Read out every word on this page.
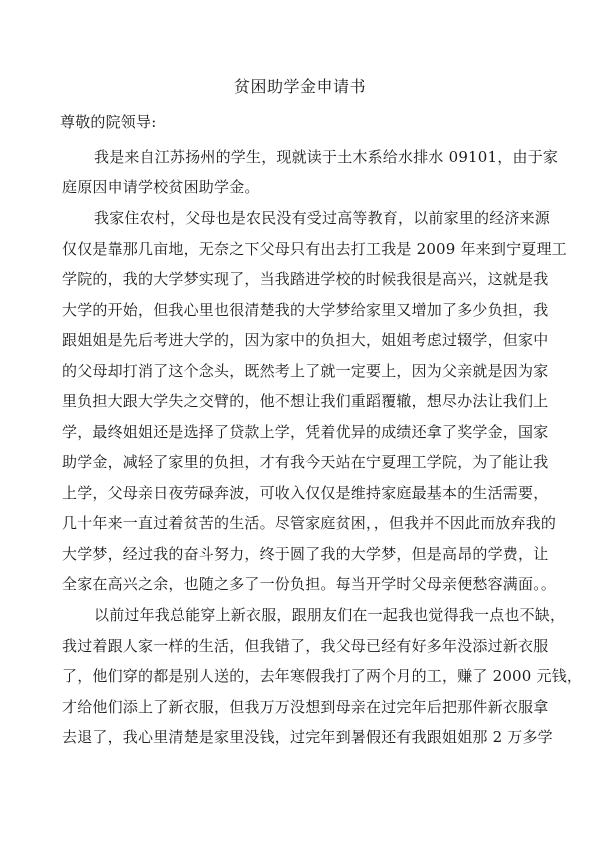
贫困助学金申请书
尊敬的院领导:
我是来自江苏扬州的学生，现就读于土木系给水排水 09101，由于家
庭原因申请学校贫困助学金。
我家住农村，父母也是农民没有受过高等教育，以前家里的经济来源
仅仅是靠那几亩地，无奈之下父母只有出去打工我是 2009 年来到宁夏理工
学院的，我的大学梦实现了，当我踏进学校的时候我很是高兴，这就是我
大学的开始，但我心里也很清楚我的大学梦给家里又增加了多少负担，我
跟姐姐是先后考进大学的，因为家中的负担大，姐姐考虑过辍学，但家中
的父母却打消了这个念头，既然考上了就一定要上，因为父亲就是因为家
里负担大跟大学失之交臂的，他不想让我们重蹈覆辙，想尽办法让我们上
学，最终姐姐还是选择了贷款上学，凭着优异的成绩还拿了奖学金，国家
助学金，减轻了家里的负担，才有我今天站在宁夏理工学院，为了能让我
上学，父母亲日夜劳碌奔波，可收入仅仅是维持家庭最基本的生活需要，
几十年来一直过着贫苦的生活。尽管家庭贫困，，但我并不因此而放弃我的
大学梦，经过我的奋斗努力，终于圆了我的大学梦，但是高昂的学费，让
全家在高兴之余，也随之多了一份负担。每当开学时父母亲便愁容满面。。
以前过年我总能穿上新衣服，跟朋友们在一起我也觉得我一点也不缺，
我过着跟人家一样的生活，但我错了，我父母已经有好多年没添过新衣服
了，他们穿的都是别人送的，去年寒假我打了两个月的工，赚了 2000 元钱，
才给他们添上了新衣服，但我万万没想到母亲在过完年后把那件新衣服拿
去退了，我心里清楚是家里没钱，过完年到暑假还有我跟姐姐那 2 万多学
